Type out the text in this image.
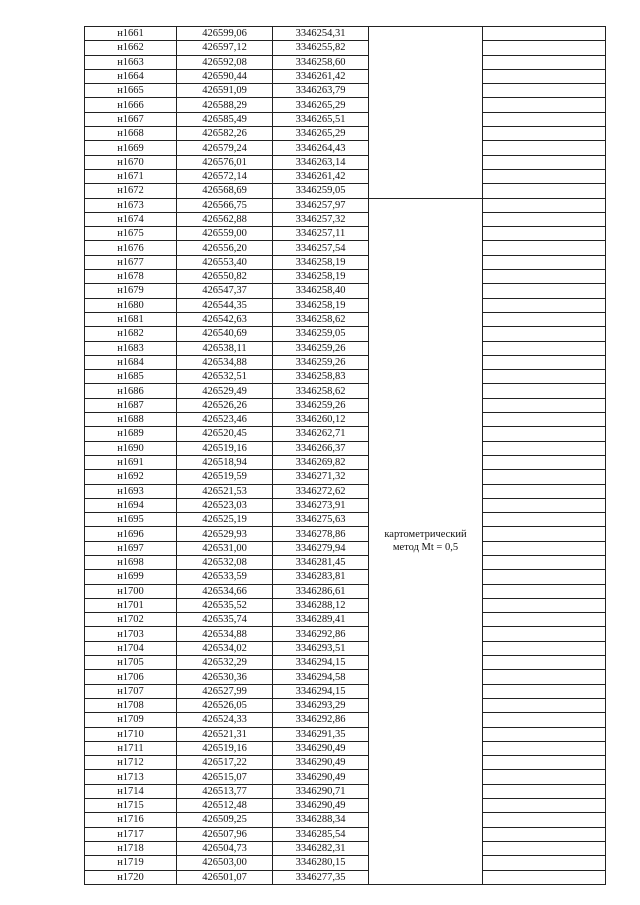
н1661	426599,06	3346254,31		
н1662	426597,12	3346255,82		
н1663	426592,08	3346258,60		
н1664	426590,44	3346261,42		
н1665	426591,09	3346263,79		
н1666	426588,29	3346265,29		
н1667	426585,49	3346265,51		
н1668	426582,26	3346265,29		
н1669	426579,24	3346264,43		
н1670	426576,01	3346263,14		
н1671	426572,14	3346261,42		
н1672	426568,69	3346259,05		
н1673	426566,75	3346257,97	картометрический
метод Mt = 0,5	

н1674	426562,88	3346257,32		
н1675	426559,00	3346257,11		
н1676	426556,20	3346257,54		
н1677	426553,40	3346258,19		
н1678	426550,82	3346258,19		
н1679	426547,37	3346258,40		
н1680	426544,35	3346258,19		
н1681	426542,63	3346258,62		
н1682	426540,69	3346259,05		
н1683	426538,11	3346259,26		
н1684	426534,88	3346259,26		
н1685	426532,51	3346258,83		
н1686	426529,49	3346258,62		
н1687	426526,26	3346259,26		
н1688	426523,46	3346260,12		
н1689	426520,45	3346262,71		
н1690	426519,16	3346266,37		
н1691	426518,94	3346269,82		
н1692	426519,59	3346271,32		
н1693	426521,53	3346272,62		
н1694	426523,03	3346273,91		
н1695	426525,19	3346275,63		
н1696	426529,93	3346278,86		
н1697	426531,00	3346279,94		
н1698	426532,08	3346281,45		
н1699	426533,59	3346283,81		
н1700	426534,66	3346286,61		
н1701	426535,52	3346288,12		
н1702	426535,74	3346289,41		
н1703	426534,88	3346292,86		
н1704	426534,02	3346293,51		
н1705	426532,29	3346294,15		
н1706	426530,36	3346294,58		
н1707	426527,99	3346294,15		
н1708	426526,05	3346293,29		
н1709	426524,33	3346292,86		
н1710	426521,31	3346291,35		
н1711	426519,16	3346290,49		
н1712	426517,22	3346290,49		
н1713	426515,07	3346290,49		
н1714	426513,77	3346290,71		
н1715	426512,48	3346290,49		
н1716	426509,25	3346288,34		
н1717	426507,96	3346285,54		
н1718	426504,73	3346282,31		
н1719	426503,00	3346280,15		
н1720	426501,07	3346277,35		
